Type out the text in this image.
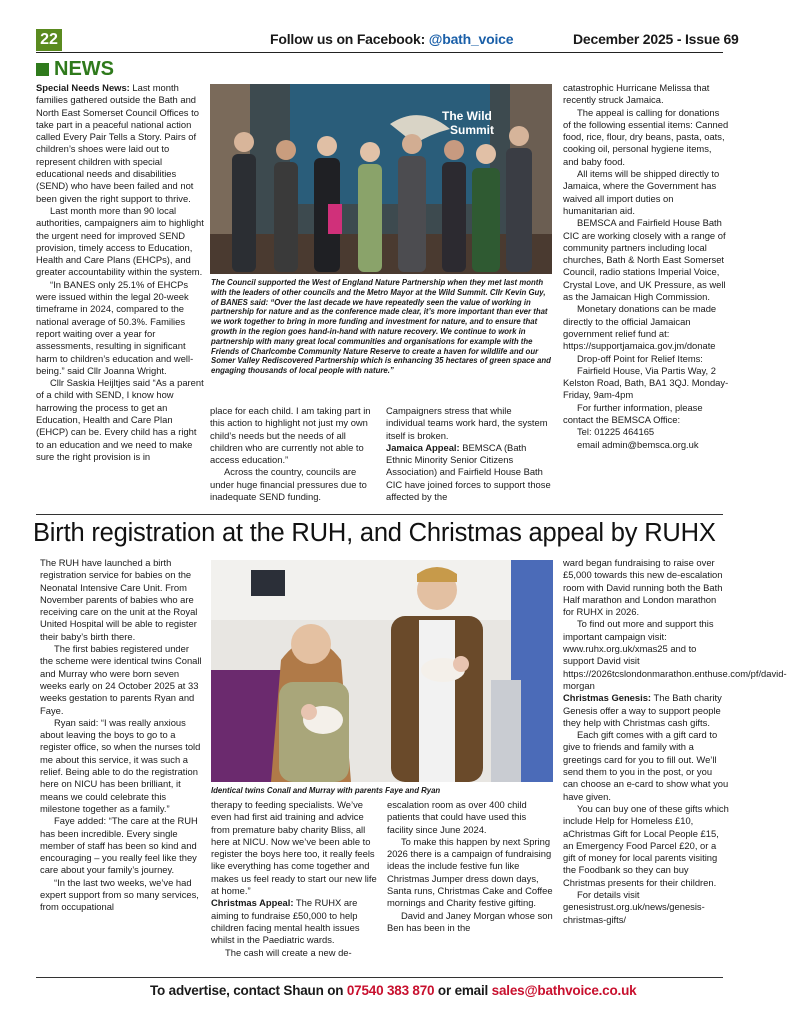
22	Follow us on Facebook: @bath_voice	December 2025 - Issue 69
NEWS

Special Needs News: Last month families gathered outside the Bath and North East Somerset Council Offices to take part in a peaceful national action called Every Pair Tells a Story. Pairs of children’s shoes were laid out to represent children with special educational needs and disabilities (SEND) who have been failed and not been given the right support to thrive.

Last month more than 90 local authorities, campaigners aim to highlight the urgent need for improved SEND provision, timely access to Education, Health and Care Plans (EHCPs), and greater accountability within the system.

“In BANES only 25.1% of EHCPs were issued within the legal 20-week timeframe in 2024, compared to the national average of 50.3%. Families report waiting over a year for assessments, resulting in significant harm to children’s education and well-being.” said Cllr Joanna Wright.

Cllr Saskia Heijltjes said “As a parent of a child with SEND, I know how harrowing the process to get an Education, Health and Care Plan (EHCP) can be. Every child has a right to an education and we need to make sure the right provision is in

The Wild
Summit
The Council supported the West of England Nature Partnership when they met last month with the leaders of other councils and the Metro Mayor at the Wild Summit. Cllr Kevin Guy, of BANES said: “Over the last decade we have repeatedly seen the value of working in partnership for nature and as the conference made clear, it’s more important than ever that we work together to bring in more funding and investment for nature, and to ensure that growth in the region goes hand-in-hand with nature recovery. We continue to work in partnership with many great local communities and organisations for example with the Friends of Charlcombe Community Nature Reserve to create a haven for wildlife and our Somer Valley Rediscovered Partnership which is enhancing 35 hectares of green space and engaging thousands of local people with nature.”

place for each child. I am taking part in this action to highlight not just my own child’s needs but the needs of all children who are currently not able to access education.”

Across the country, councils are under huge financial pressures due to inadequate SEND funding.

Campaigners stress that while individual teams work hard, the system itself is broken.

Jamaica Appeal: BEMSCA (Bath Ethnic Minority Senior Citizens Association) and Fairfield House Bath CIC have joined forces to support those affected by the

catastrophic Hurricane Melissa that recently struck Jamaica.

The appeal is calling for donations of the following essential items: Canned food, rice, flour, dry beans, pasta, oats, cooking oil, personal hygiene items, and baby food.

All items will be shipped directly to Jamaica, where the Government has waived all import duties on humanitarian aid.

BEMSCA and Fairfield House Bath CIC are working closely with a range of community partners including local churches, Bath & North East Somerset Council, radio stations Imperial Voice, Crystal Love, and UK Pressure, as well as the Jamaican High Commission.

Monetary donations can be made directly to the official Jamaican government relief fund at: https://supportjamaica.gov.jm/donate

Drop-off Point for Relief Items:

Fairfield House, Via Partis Way, 2 Kelston Road, Bath, BA1 3QJ. Monday-Friday, 9am-4pm

For further information, please contact the BEMSCA Office:

Tel: 01225 464165

email admin@bemsca.org.uk

Birth registration at the RUH, and Christmas appeal by RUHX

The RUH have launched a birth registration service for babies on the Neonatal Intensive Care Unit. From November parents of babies who are receiving care on the unit at the Royal United Hospital will be able to register their baby’s birth there.

The first babies registered under the scheme were identical twins Conall and Murray who were born seven weeks early on 24 October 2025 at 33 weeks gestation to parents Ryan and Faye.

Ryan said: “I was really anxious about leaving the boys to go to a register office, so when the nurses told me about this service, it was such a relief. Being able to do the registration here on NICU has been brilliant, it means we could celebrate this milestone together as a family.”

Faye added: “The care at the RUH has been incredible. Every single member of staff has been so kind and encouraging – you really feel like they care about your family’s journey.

“In the last two weeks, we’ve had expert support from so many services, from occupational

Identical twins Conall and Murray with parents Faye and Ryan

therapy to feeding specialists. We’ve even had first aid training and advice from premature baby charity Bliss, all here at NICU. Now we’ve been able to register the boys here too, it really feels like everything has come together and makes us feel ready to start our new life at home.”

Christmas Appeal: The RUHX are aiming to fundraise £50,000 to help children facing mental health issues whilst in the Paediatric wards.

The cash will create a new de-

escalation room as over 400 child patients that could have used this facility since June 2024.

To make this happen by next Spring 2026 there is a campaign of fundraising ideas the include festive fun like Christmas Jumper dress down days, Santa runs, Christmas Cake and Coffee mornings and Charity festive gifting.

David and Janey Morgan whose son Ben has been in the

ward began fundraising to raise over £5,000 towards this new de-escalation room with David running both the Bath Half marathon and London marathon for RUHX in 2026.

To find out more and support this important campaign visit: www.ruhx.org.uk/xmas25 and to support David visit https://2026tcslondonmarathon.enthuse.com/pf/david-morgan

Christmas Genesis: The Bath charity Genesis offer a way to support people they help with Christmas cash gifts.

Each gift comes with a gift card to give to friends and family with a greetings card for you to fill out. We’ll send them to you in the post, or you can choose an e-card to show what you have given.

You can buy one of these gifts which include Help for Homeless £10, aChristmas Gift for Local People £15, an Emergency Food Parcel £20, or a gift of money for local parents visiting the Foodbank so they can buy Christmas presents for their children.

For details visit genesistrust.org.uk/news/genesis-christmas-gifts/

To advertise, contact Shaun on 07540 383 870 or email sales@bathvoice.co.uk
